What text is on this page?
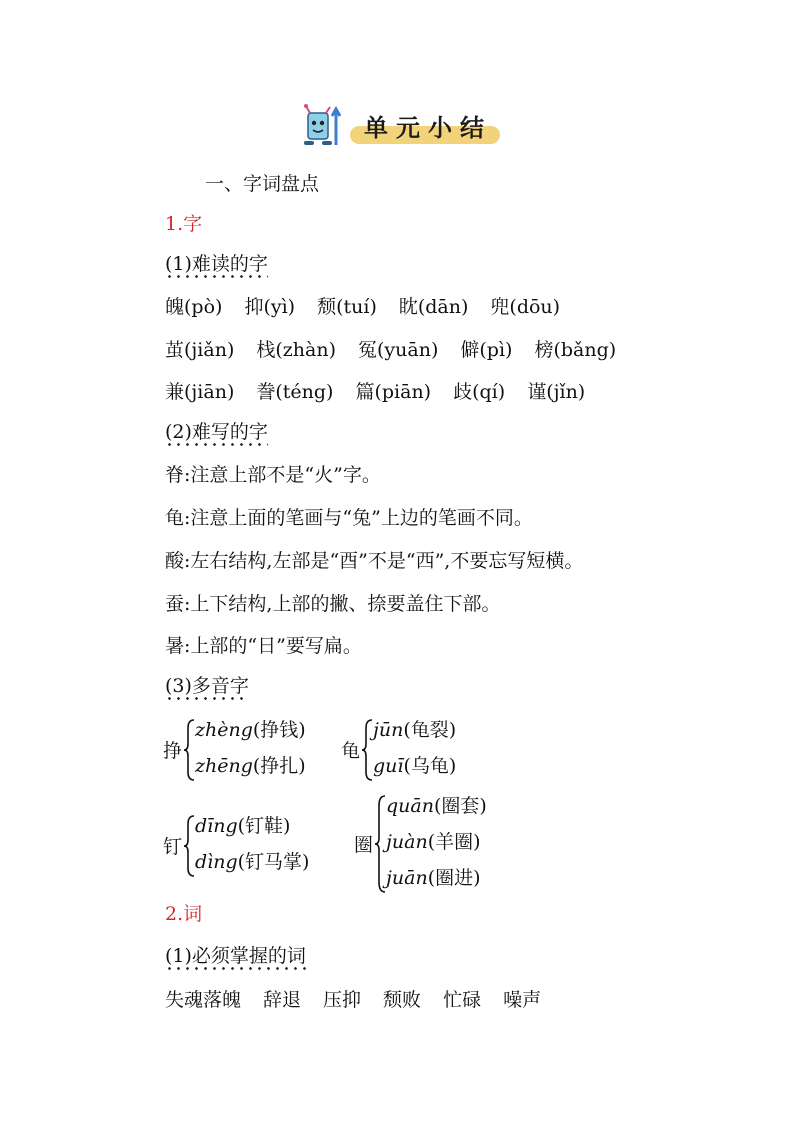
单元小结
一、字词盘点
1.字
(1)难读的字
魄(pò) 抑(yì) 颓(tuí) 眈(dān) 兜(dōu)
茧(jiǎn) 栈(zhàn) 冤(yuān) 僻(pì) 榜(bǎng)
兼(jiān) 誊(téng) 篇(piān) 歧(qí) 谨(jǐn)
(2)难写的字
脊:注意上部不是“火”字。
龟:注意上面的笔画与“兔”上边的笔画不同。
酸:左右结构,左部是“酉”不是“西”,不要忘写短横。
蚕:上下结构,上部的撇、捺要盖住下部。
暑:上部的“日”要写扁。
(3)多音字
挣
zhèng(挣钱)
zhēng(挣扎)
龟
jūn(龟裂)
guī(乌龟)
钉
dīng(钉鞋)
dìng(钉马掌)
圈
quān(圈套)
juàn(羊圈)
juān(圈进)
2.词
(1)必须掌握的词
失魂落魄 辞退 压抑 颓败 忙碌 噪声
